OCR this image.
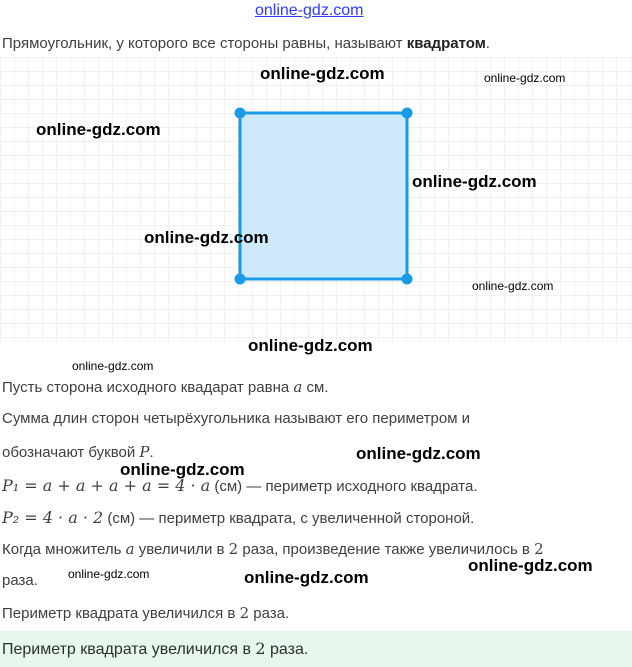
online-gdz.com
Прямоугольник, у которого все стороны равны, называют квадратом.
online-gdz.com	online-gdz.com
online-gdz.com
online-gdz.com
online-gdz.com
online-gdz.com
online-gdz.com
online-gdz.com
Пусть сторона исходного квадарат равна a см.
Сумма длин сторон четырёхугольника называют его периметром и
обозначают буквой P.	online-gdz.com
online-gdz.com
P₁ = a + a + a + a = 4 · a (см) — периметр исходного квадрата.
P₂ = 4 · a · 2 (см) — периметр квадрата, с увеличенной стороной.
Когда множитель a увеличили в 2 раза, произведение также увеличилось в 2
раза.	online-gdz.com	online-gdz.com
online-gdz.com
Периметр квадрата увеличился в 2 раза.
Периметр квадрата увеличился в 2 раза.
